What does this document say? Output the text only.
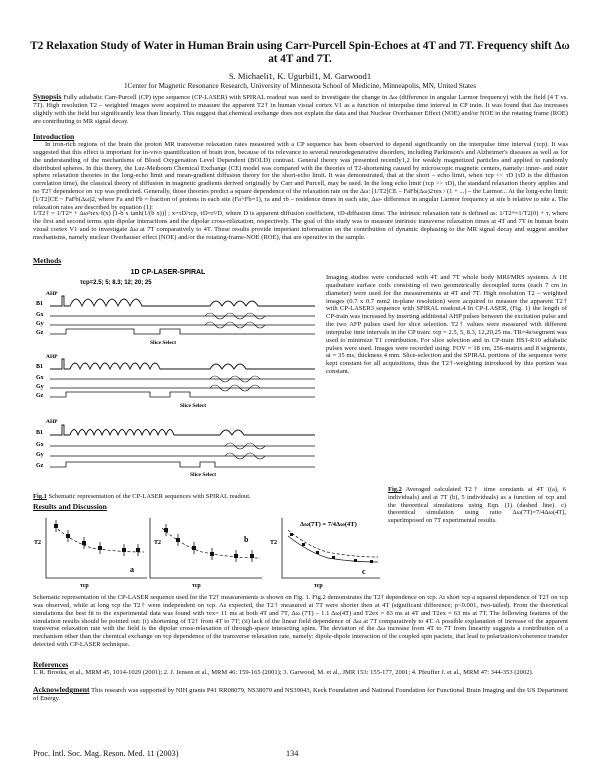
T2 Relaxation Study of Water in Human Brain using Carr-Purcell Spin-Echoes at 4T and 7T. Frequency shift Δω at 4T and 7T.
S. Michaeli1, K. Ugurbil1, M. Garwood1
1Center for Magnetic Resonance Research, University of Minnesota School of Medicine, Minneapolis, MN, United States
Synopsis Fully adiabatic Carr-Purcell (CP) type sequence (CP-LASER) with SPIRAL readout was used to investigate the change in Δω (difference in angular Larmor frequency) with the field (4 T vs. 7T). High resolution T2 – weighted images were acquired to measure the apparent T2† in human visual cortex V1 as a function of interpulse time interval in CP train. It was found that Δω increases slightly with the field but significantly less than linearly. This suggest that chemical exchange does not explain the data and that Nuclear Overhauser Effect (NOE) and/or NOE in the rotating frame (ROE) are contributing to MR signal decay.
Introduction
In iron-rich regions of the brain the proton MR transverse relaxation rates measured with a CP sequence has been observed to depend significantly on the interpulse time interval (τcp). It was suggested that this effect is important for in-vivo quantification of brain iron, because of its relevance to several neurodegenerative disorders, including Parkinson's and Alzheimer's diseases as well as for the understanding of the mechanisms of Blood Oxygenation Level Dependent (BOLD) contrast. General theory was presented recently1,2 for weakly magnetized particles and applied to randomly distributed spheres. In this theory, the Luz-Meiboom Chemical Exchange (CE) model was compared with the theories of T2-shortening caused by microscopic magnetic centers, namely: inner- and outer sphere relaxation theories in the long-echo limit and mean-gradient diffusion theory for the short-echo limit. It was demonstrated, that at the short – echo limit, when τcp << τD (τD is the diffusion correlation time), the classical theory of diffusion in magnetic gradients derived originally by Carr and Purcell, may be used. In the long echo limit (τcp >> τD), the standard relaxation theory applies and no T2† dependence on τcp was predicted. Generally, those theories predict a square dependence of the relaxation rate on the Δω: [1/T2]CE – FaFb(Δω)2τex / (1 + ...) – the Larmor... At the long-echo limit: [1/T2]CE ~ FaFb(Δω)2, where Fa and Fb = fraction of protons in each site (Fa+Fb=1), τa and τb – residence times in each site, Δω- difference in angular Larmor frequency at site b relative to site a. The relaxation rates are described by equation (1):
1/T2† = 1/T2ʳᵉ + Δω²τex·f(x) [1-b x tanh(1/(b x))] ; x=τD/τcp, τD=r²/D, where D is apparent diffusion coefficient, τD-diffusion time. The intrinsic relaxation rate is defined as: 1/T2ʳᵉ=1/T2(0) + τ, where the first and second terms spin dipolar interactions and the dipolar cross-relaxation, respectively. The goal of this study was to measure intrinsic transverse relaxation times at 4T and 7T in human brain visual cortex V1 and to investigate Δω at 7T comparatively to 4T. These results provide important information on the contribution of dynamic dephasing to the MR signal decay and suggest another mechanisms, namely nuclear Overhauser effect (NOE) and/or the rotating-frame-NOE (ROE), that are operative in the sample.
Methods
Imaging studies were conducted with 4T and 7T whole body MRI/MRS systems. A 1H quadrature surface coils consisting of two geometrically decoupled turns (each 7 cm in diameter) were used for the measurements at 4T and 7T. High resolution T2 – weighted images (0.7 x 0.7 mm2 in-plane resolution) were acquired to measure the apparent T2† with CP-LASER3 sequence with SPIRAL readout.4 In CP-LASER, (Fig. 1) the length of CP-train was increased by inserting additional AHP pulses between the excitation pulse and the two AFP pulses used for slice selection. T2† values were measured with different interpulse time intervals in the CP train: τcp = 2.5, 5, 8.3, 12,20,25 ms. TR=4s/segment was used to minimize T1 contribution. For slice selection and in CP-train HS1-R10 adiabatic pulses were used. Images were recorded using: FOV = 18 cm, 256-matrix and 8 segments, at = 35 ms, thickness 4 mm. Slice-selection and the SPIRAL portions of the sequence were kept constant for all acquisitions, thus the T2†-weighting introduced by this portion was constant.
1D CP-LASER-SPIRAL
τcp=2.5; 5; 8.3; 12; 20; 25
B1
Gx
Gy
Gz
AHP
Slice Select
B1
Gx
Gy
Gz
AHP
Slice Select
B1
Gx
Gy
Gz
AHP
Slice Select
Fig.1 Schematic representation of the CP-LASER sequences with SPIRAL readout.
Results and Discussion
T2
a
τcp
T2	b
τcp
T2
Δω(7T) = 7/4Δω(4T)
c
τcp
Fig.2 Averaged calculated T2† time constants at 4T ((a), 6 individuals) and at 7T (b), 5 individuals) as a function of τcp and the theoretical simulations using Eqn. (1) (dashed line). c) theoretical simulation using ratio Δω(7T)=7/4Δω(4T), superimposed on 7T experimental results.
Schematic representation of the CP-LASER sequence used for the T2† measurements is shown on Fig. 1. Fig.2 demonstrates the T2† dependence on τcp. At short τcp a squared dependence of T2† on τcp was observed, while at long τcp the T2† were independent on τcp. As expected, the T2† measured at 7T were shorter then at 4T (significant difference; p<0.001, two-tailed). From the theoretical simulations the best fit to the experimental data was found with τex= 11 ms at both 4T and 7T, Δω (7T) – 1.1 Δω(4T) and T2ex = 83 ms at 4T and T2ex = 63 ms at 7T. The following features of the simulation results should be pointed out: (i) shortening of T2† from 4T to 7T; (ii) lack of the linear field dependence of Δω at 7T comparatively to 4T. A possible explanation of increase of the apparent transverse relaxation rate with the field is the dipolar cross-relaxation of through-space interacting spins. The deviation of the Δω increase from 4T to 7T from linearity suggests a contribution of a mechanism other than the chemical exchange on τcp dependence of the transverse relaxation rate, namely: dipole-dipole interaction of the coupled spin paciets, that lead to polarization/coherence transfer detected with CP-LASER technique.
References
1. R. Brooks, et al., MRM 45, 1014-1029 (2001); 2. J. Jensen et al., MRM 46: 159-165 (2001); 3. Garwood, M. et al., JMR 153: 155-177, 2001; 4. Pfeuffer J. et al., MRM 47: 344-353 (2002).
Acknowledgment This research was supported by NIH grants P41 RR08079, NS38070 and NS39043, Keck Foundation and National Foundation for Functional Brain Imaging and the US Department of Energy.
Proc. Intl. Soc. Mag. Reson. Med. 11 (2003)	134
